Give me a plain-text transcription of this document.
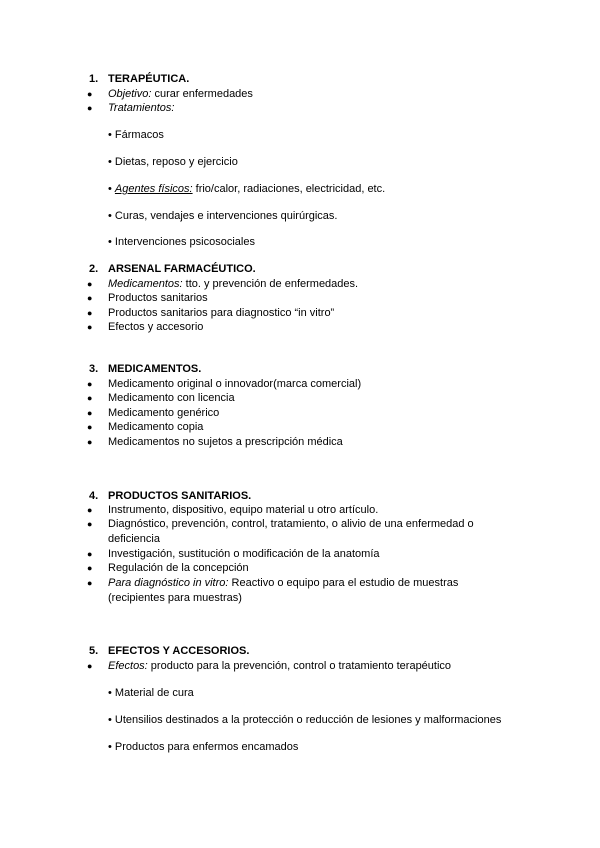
1. TERAPÉUTICA.
● Objetivo: curar enfermedades
● Tratamientos:
• Fármacos
• Dietas, reposo y ejercicio
• Agentes físicos: frio/calor, radiaciones, electricidad, etc.
• Curas, vendajes e intervenciones quirúrgicas.
• Intervenciones psicosociales
2. ARSENAL FARMACÉUTICO.
● Medicamentos: tto. y prevención de enfermedades.
● Productos sanitarios
● Productos sanitarios para diagnostico “in vitro”
● Efectos y accesorio
3. MEDICAMENTOS.
● Medicamento original o innovador(marca comercial)
● Medicamento con licencia
● Medicamento genérico
● Medicamento copia
● Medicamentos no sujetos a prescripción médica
4. PRODUCTOS SANITARIOS.
● Instrumento, dispositivo, equipo material u otro artículo.
● Diagnóstico, prevención, control, tratamiento, o alivio de una enfermedad o deficiencia
● Investigación, sustitución o modificación de la anatomía
● Regulación de la concepción
● Para diagnóstico in vitro: Reactivo o equipo para el estudio de muestras (recipientes para muestras)
5. EFECTOS Y ACCESORIOS.
● Efectos: producto para la prevención, control o tratamiento terapéutico
• Material de cura
• Utensilios destinados a la protección o reducción de lesiones y malformaciones
• Productos para enfermos encamados
